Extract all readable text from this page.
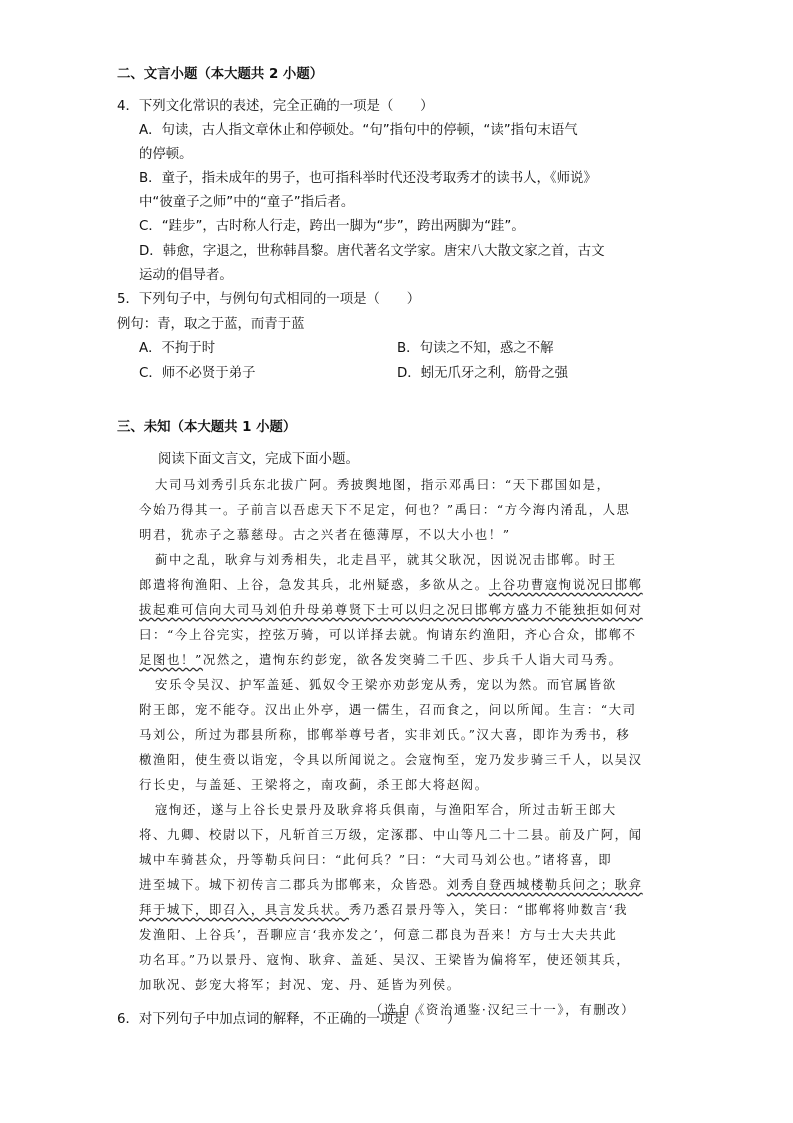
二、文言小题（本大题共 2 小题）
4．下列文化常识的表述，完全正确的一项是（　　）
A．句读，古人指文章休止和停顿处。“句”指句中的停顿，“读”指句末语气
的停顿。
B．童子，指未成年的男子，也可指科举时代还没考取秀才的读书人，《师说》
中“彼童子之师”中的“童子”指后者。
C．“跬步”，古时称人行走，跨出一脚为“步”，跨出两脚为“跬”。
D．韩愈，字退之，世称韩昌黎。唐代著名文学家。唐宋八大散文家之首，古文
运动的倡导者。
5．下列句子中，与例句句式相同的一项是（　　）
例句：青，取之于蓝，而青于蓝
A．不拘于时	B．句读之不知，惑之不解
C．师不必贤于弟子	D．蚓无爪牙之利，筋骨之强
三、未知（本大题共 1 小题）
阅读下面文言文，完成下面小题。
大司马刘秀引兵东北拔广阿。秀披舆地图，指示邓禹曰：“天下郡国如是，
今始乃得其一。子前言以吾虑天下不足定，何也？”禹曰：“方今海内淆乱，人思
明君，犹赤子之慕慈母。古之兴者在德薄厚，不以大小也！”
蓟中之乱，耿弇与刘秀相失，北走昌平，就其父耿况，因说况击邯郸。时王
郎遣将徇渔阳、上谷，急发其兵，北州疑惑，多欲从之。上谷功曹寇恂说况曰邯郸
拔起难可信向大司马刘伯升母弟尊贤下士可以归之况曰邯郸方盛力不能独拒如何对
曰：“今上谷完实，控弦万骑，可以详择去就。恂请东约渔阳，齐心合众，邯郸不
足图也！”况然之，遣恂东约彭宠，欲各发突骑二千匹、步兵千人诣大司马秀。
安乐令吴汉、护军盖延、狐奴令王梁亦劝彭宠从秀，宠以为然。而官属皆欲
附王郎，宠不能夺。汉出止外亭，遇一儒生，召而食之，问以所闻。生言：“大司
马刘公，所过为郡县所称，邯郸举尊号者，实非刘氏。”汉大喜，即诈为秀书，移
檄渔阳，使生赍以诣宠，令具以所闻说之。会寇恂至，宠乃发步骑三千人，以吴汉
行长史，与盖延、王梁将之，南攻蓟，杀王郎大将赵闳。
寇恂还，遂与上谷长史景丹及耿弇将兵俱南，与渔阳军合，所过击斩王郎大
将、九卿、校尉以下，凡斩首三万级，定涿郡、中山等凡二十二县。前及广阿，闻
城中车骑甚众，丹等勒兵问曰：“此何兵？”曰：“大司马刘公也。”诸将喜，即
进至城下。城下初传言二郡兵为邯郸来，众皆恐。刘秀自登西城楼勒兵问之；耿弇
拜于城下，即召入，具言发兵状。秀乃悉召景丹等入，笑曰：“邯郸将帅数言‘我
发渔阳、上谷兵’，吾聊应言‘我亦发之’，何意二郡良为吾来！方与士大夫共此
功名耳。”乃以景丹、寇恂、耿弇、盖延、吴汉、王梁皆为偏将军，使还领其兵，
加耿况、彭宠大将军；封况、宠、丹、延皆为列侯。
（选自《资治通鉴·汉纪三十一》，有删改）
6．对下列句子中加点词的解释，不正确的一项是（　　）
